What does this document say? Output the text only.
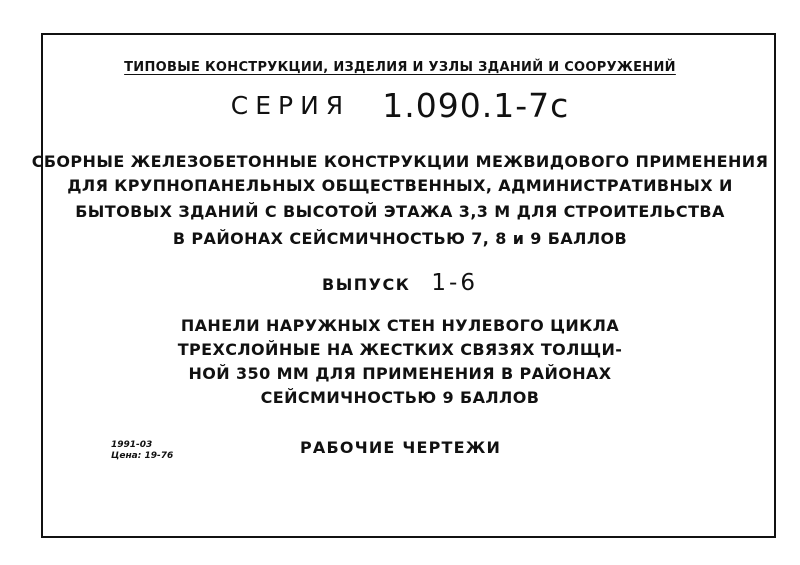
ТИПОВЫЕ КОНСТРУКЦИИ, ИЗДЕЛИЯ И УЗЛЫ ЗДАНИЙ И СООРУЖЕНИЙ
СЕРИЯ 1.090.1-7с
СБОРНЫЕ ЖЕЛЕЗОБЕТОННЫЕ КОНСТРУКЦИИ МЕЖВИДОВОГО ПРИМЕНЕНИЯ
ДЛЯ КРУПНОПАНЕЛЬНЫХ ОБЩЕСТВЕННЫХ, АДМИНИСТРАТИВНЫХ И
БЫТОВЫХ ЗДАНИЙ С ВЫСОТОЙ ЭТАЖА 3,3 М ДЛЯ СТРОИТЕЛЬСТВА
В РАЙОНАХ СЕЙСМИЧНОСТЬЮ 7, 8 и 9 БАЛЛОВ
ВЫПУСК 1-6
ПАНЕЛИ НАРУЖНЫХ СТЕН НУЛЕВОГО ЦИКЛА
ТРЕХСЛОЙНЫЕ НА ЖЕСТКИХ СВЯЗЯХ ТОЛЩИ-
НОЙ 350 ММ ДЛЯ ПРИМЕНЕНИЯ В РАЙОНАХ
СЕЙСМИЧНОСТЬЮ 9 БАЛЛОВ
1991-03
Цена: 19-76	РАБОЧИЕ ЧЕРТЕЖИ
